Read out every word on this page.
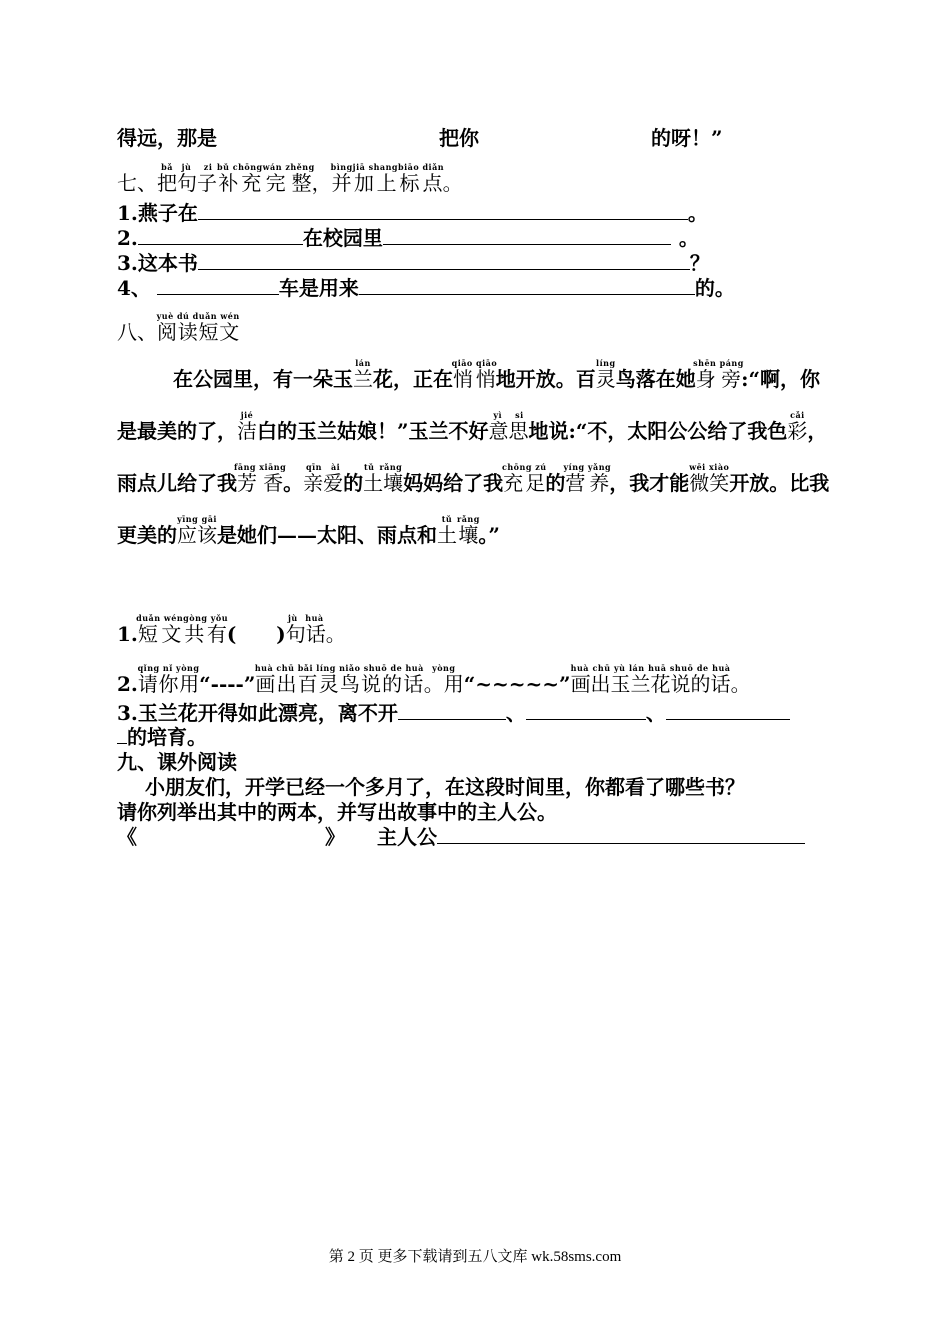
得远，那是	把你	的呀！”
七、把bǎ句子jù zi补充bǔ chōng完整wán zhěng，并bìng加上jiā shang标点biāo diǎn。
1.燕子在	。
2.	在校园里	。
3.这本书	？
4、	车是用来	的。
八、阅读短文yuè dú duǎn wén
在公园里，有一朵玉兰lán花，正在悄悄qiāo qiāo地开放。百灵líng鸟落在她身旁shēn páng:“啊，你是最美的了，洁jié白的玉兰姑娘！”玉兰不好意思yì si地说:“不，太阳公公给了我色彩cǎi，雨点儿给了我芳香fāng xiāng。亲爱qīn ài的土壤tǔ rǎng妈妈给了我充足chōng zú的营养yíng yǎng，我才能微笑wēi xiào开放。比我更美的应该yīng gāi是她们——太阳、雨点和土tǔ壤rǎng。”
1.短文duǎn wén共有gòng yǒu(　　)句话jù huà。
2.请你用qǐng nǐ yòng“----”画出百灵鸟说的话huà chū bǎi líng niǎo shuō de huà。用yòng“~~~~~”画出玉兰花说的话huà chū yù lán huā shuō de huà。
3.玉兰花开得如此漂亮，离不开	、	、
的培育。
九、课外阅读
小朋友们，开学已经一个多月了，在这段时间里，你都看了哪些书？
请你列举出其中的两本，并写出故事中的主人公。
《	》 主人公
第 2 页 更多下载请到五八文库 wk.58sms.com
